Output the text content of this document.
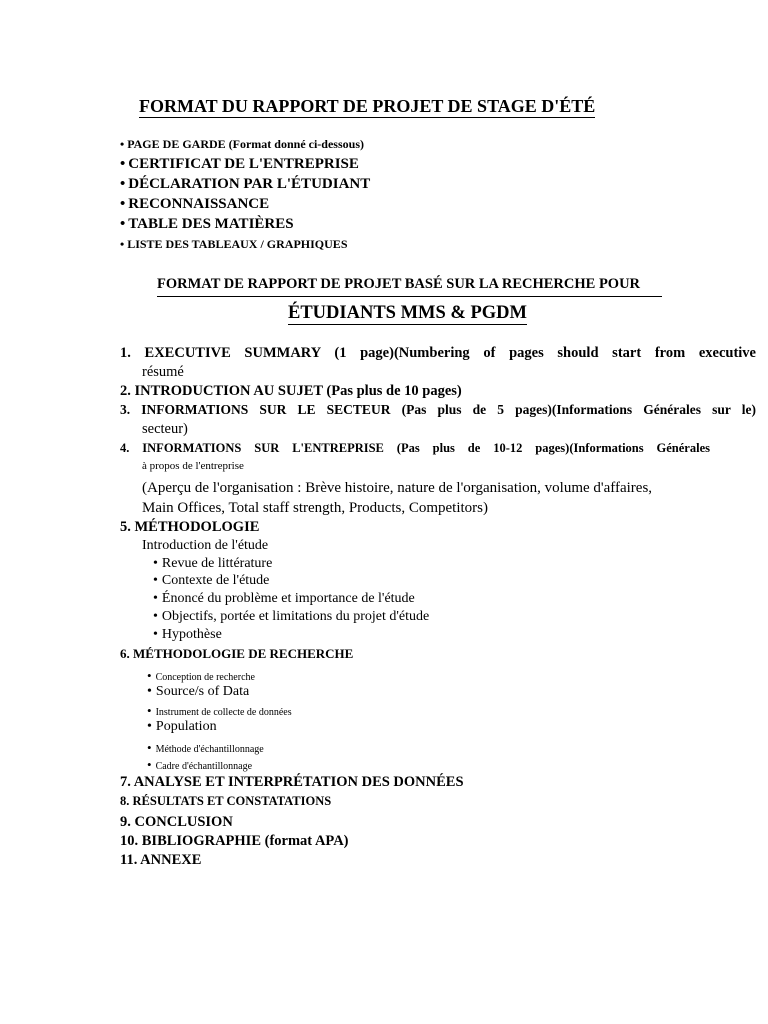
FORMAT DU RAPPORT DE PROJET DE STAGE D'ÉTÉ
• PAGE DE GARDE (Format donné ci-dessous)
• CERTIFICAT DE L'ENTREPRISE
• DÉCLARATION PAR L'ÉTUDIANT
• RECONNAISSANCE
• TABLE DES MATIÈRES
• LISTE DES TABLEAUX / GRAPHIQUES
FORMAT DE RAPPORT DE PROJET BASÉ SUR LA RECHERCHE POUR
ÉTUDIANTS MMS & PGDM
1. EXECUTIVE SUMMARY (1 page)(Numbering of pages should start from executive
résumé
2. INTRODUCTION AU SUJET (Pas plus de 10 pages)
3. INFORMATIONS SUR LE SECTEUR (Pas plus de 5 pages)(Informations Générales sur le)
secteur)
4. INFORMATIONS SUR L'ENTREPRISE (Pas plus de 10-12 pages)(Informations Générales
à propos de l'entreprise
(Aperçu de l'organisation : Brève histoire, nature de l'organisation, volume d'affaires,
Main Offices, Total staff strength, Products, Competitors)
5. MÉTHODOLOGIE
Introduction de l'étude
• Revue de littérature
• Contexte de l'étude
• Énoncé du problème et importance de l'étude
• Objectifs, portée et limitations du projet d'étude
• Hypothèse
6. MÉTHODOLOGIE DE RECHERCHE
• Conception de recherche
• Source/s of Data
• Instrument de collecte de données
• Population
• Méthode d'échantillonnage
• Cadre d'échantillonnage
7. ANALYSE ET INTERPRÉTATION DES DONNÉES
8. RÉSULTATS ET CONSTATATIONS
9. CONCLUSION
10. BIBLIOGRAPHIE (format APA)
11. ANNEXE
